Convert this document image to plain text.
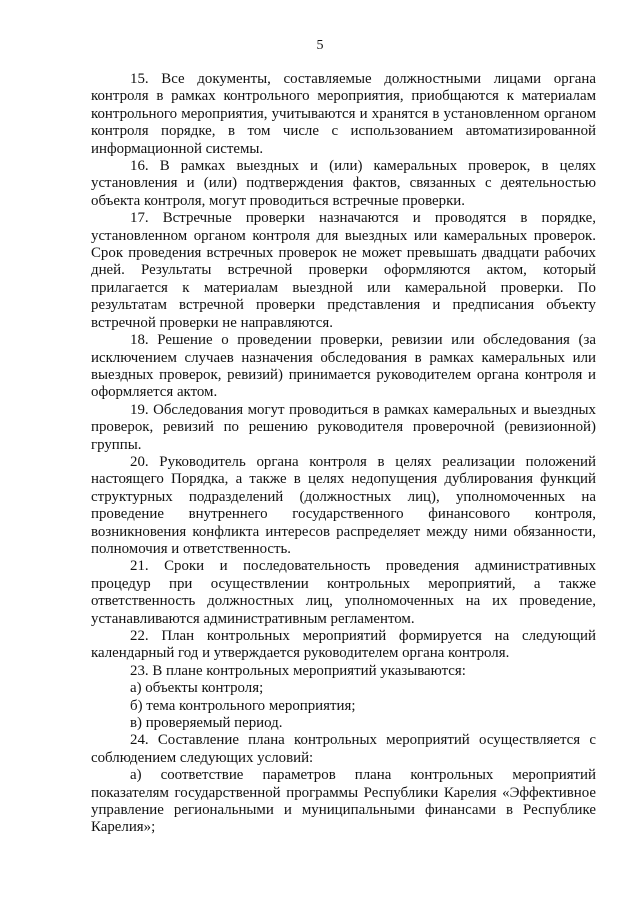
5

15. Все документы, составляемые должностными лицами органа контроля в рамках контрольного мероприятия, приобщаются к материалам контрольного мероприятия, учитываются и хранятся в установленном органом контроля порядке, в том числе с использованием автоматизированной информационной системы.

16. В рамках выездных и (или) камеральных проверок, в целях установления и (или) подтверждения фактов, связанных с деятельностью объекта контроля, могут проводиться встречные проверки.

17. Встречные проверки назначаются и проводятся в порядке, установленном органом контроля для выездных или камеральных проверок. Срок проведения встречных проверок не может превышать двадцати рабочих дней. Результаты встречной проверки оформляются актом, который прилагается к материалам выездной или камеральной проверки. По результатам встречной проверки представления и предписания объекту встречной проверки не направляются.

18. Решение о проведении проверки, ревизии или обследования (за исключением случаев назначения обследования в рамках камеральных или выездных проверок, ревизий) принимается руководителем органа контроля и оформляется актом.

19. Обследования могут проводиться в рамках камеральных и выездных проверок, ревизий по решению руководителя проверочной (ревизионной) группы.

20. Руководитель органа контроля в целях реализации положений настоящего Порядка, а также в целях недопущения дублирования функций структурных подразделений (должностных лиц), уполномоченных на проведение внутреннего государственного финансового контроля, возникновения конфликта интересов распределяет между ними обязанности, полномочия и ответственность.

21. Сроки и последовательность проведения административных процедур при осуществлении контрольных мероприятий, а также ответственность должностных лиц, уполномоченных на их проведение, устанавливаются административным регламентом.

22. План контрольных мероприятий формируется на следующий календарный год и утверждается руководителем органа контроля.

23. В плане контрольных мероприятий указываются:

а) объекты контроля;

б) тема контрольного мероприятия;

в) проверяемый период.

24. Составление плана контрольных мероприятий осуществляется с соблюдением следующих условий:

а) соответствие параметров плана контрольных мероприятий показателям государственной программы Республики Карелия «Эффективное управление региональными и муниципальными финансами в Республике Карелия»;
